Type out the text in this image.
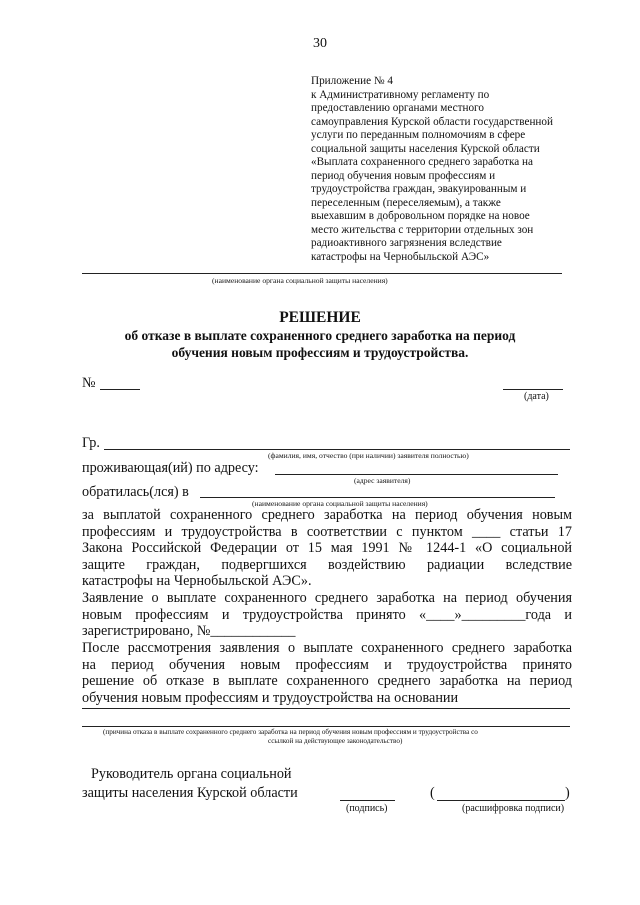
30
Приложение № 4
к Административному регламенту по
предоставлению органами местного
самоуправления Курской области государственной
услуги по переданным полномочиям в сфере
социальной защиты населения Курской области
«Выплата сохраненного среднего заработка на
период обучения новым профессиям и
трудоустройства граждан, эвакуированным и
переселенным (переселяемым), а также
выехавшим в добровольном порядке на новое
место жительства с территории отдельных зон
радиоактивного загрязнения вследствие
катастрофы на Чернобыльской АЭС»
(наименование органа социальной защиты населения)
РЕШЕНИЕ
об отказе в выплате сохраненного среднего заработка на период
обучения новым профессиям и трудоустройства.
№
(дата)
Гр.
(фамилия, имя, отчество (при наличии) заявителя полностью)
проживающая(ий) по адресу:
(адрес заявителя)
обратилась(лся) в
(наименование органа социальной защиты населения)
за выплатой сохраненного среднего заработка на период обучения новым
профессиям и трудоустройства в соответствии с пунктом ____ статьи 17
Закона Российской Федерации от 15 мая 1991 № 1244-1 «О социальной
защите граждан, подвергшихся воздействию радиации вследствие
катастрофы на Чернобыльской АЭС».
Заявление о выплате сохраненного среднего заработка на период обучения
новым профессиям и трудоустройства принято «____»_________года и
зарегистрировано, №____________
После рассмотрения заявления о выплате сохраненного среднего заработка
на период обучения новым профессиям и трудоустройства принято
решение об отказе в выплате сохраненного среднего заработка на период
обучения новым профессиям и трудоустройства на основании
(причина отказа в выплате сохраненного среднего заработка на период обучения новым профессиям и трудоустройства со
ссылкой на действующее законодательство)
Руководитель органа социальной
защиты населения Курской области	(	)
(подпись)	(расшифровка подписи)
